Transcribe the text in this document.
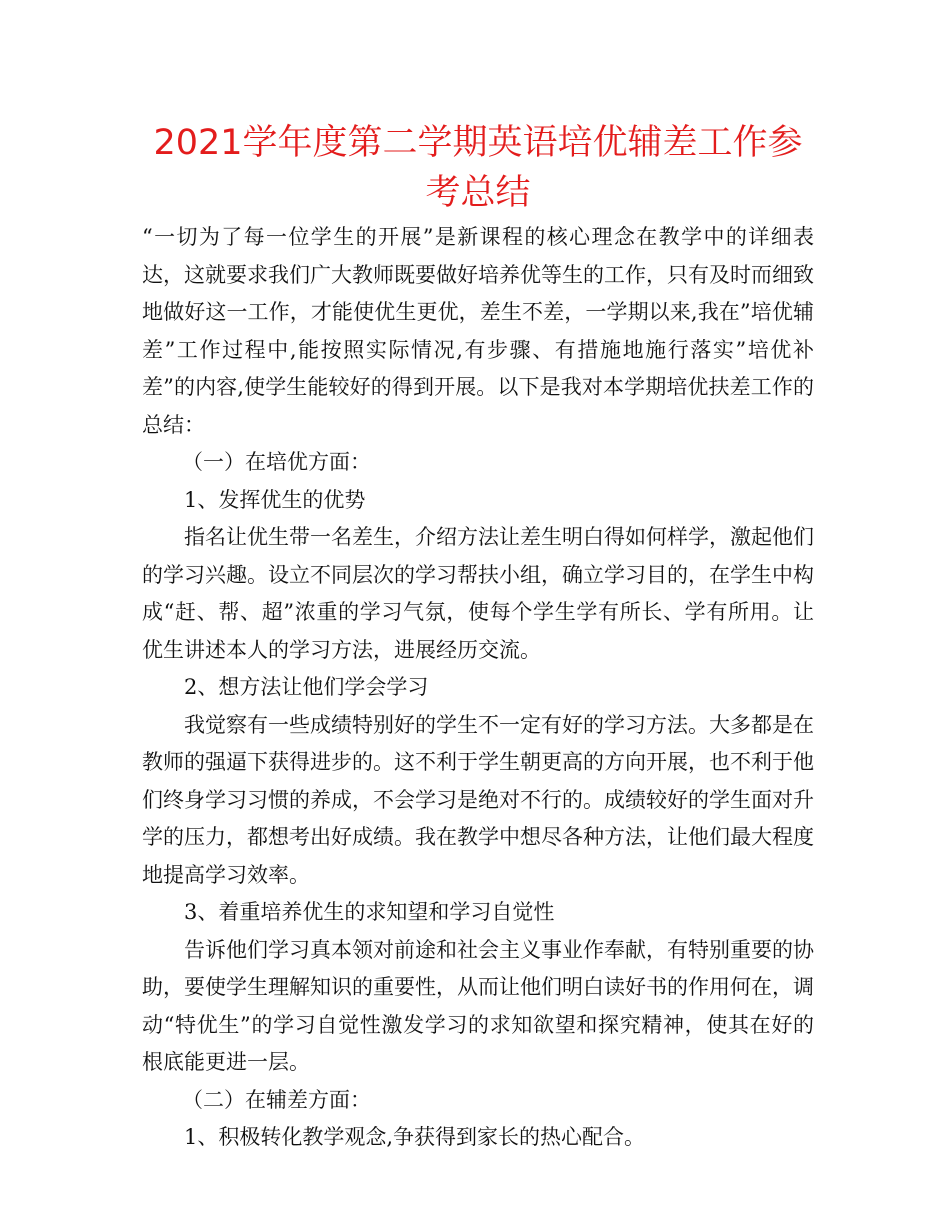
2021学年度第二学期英语培优辅差工作参考总结

“一切为了每一位学生的开展”是新课程的核心理念在教学中的详细表达，这就要求我们广大教师既要做好培养优等生的工作，只有及时而细致地做好这一工作，才能使优生更优，差生不差，一学期以来,我在”培优辅差”工作过程中,能按照实际情况,有步骤、有措施地施行落实”培优补差”的内容,使学生能较好的得到开展。以下是我对本学期培优扶差工作的总结：

（一）在培优方面：

1、发挥优生的优势

指名让优生带一名差生，介绍方法让差生明白得如何样学，激起他们的学习兴趣。设立不同层次的学习帮扶小组，确立学习目的，在学生中构成“赶、帮、超”浓重的学习气氛，使每个学生学有所长、学有所用。让优生讲述本人的学习方法，进展经历交流。

2、想方法让他们学会学习

我觉察有一些成绩特别好的学生不一定有好的学习方法。大多都是在教师的强逼下获得进步的。这不利于学生朝更高的方向开展，也不利于他们终身学习习惯的养成，不会学习是绝对不行的。成绩较好的学生面对升学的压力，都想考出好成绩。我在教学中想尽各种方法，让他们最大程度地提高学习效率。

3、着重培养优生的求知望和学习自觉性

告诉他们学习真本领对前途和社会主义事业作奉献，有特别重要的协助，要使学生理解知识的重要性，从而让他们明白读好书的作用何在，调动“特优生”的学习自觉性激发学习的求知欲望和探究精神，使其在好的根底能更进一层。

（二）在辅差方面：

1、积极转化教学观念,争获得到家长的热心配合。
